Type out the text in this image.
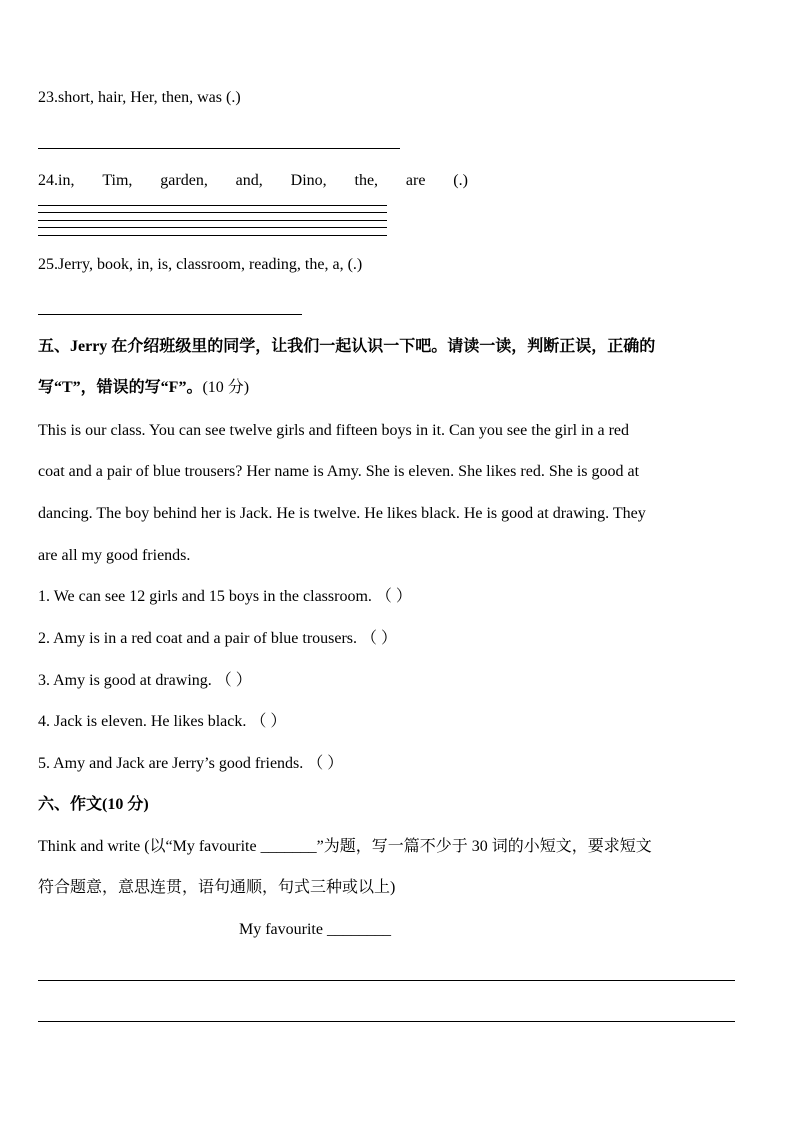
23.short, hair, Her, then, was (.)
24.in, Tim, garden, and, Dino, the, are (.)
25.Jerry, book, in, is, classroom, reading, the, a, (.)
五、Jerry 在介绍班级里的同学，让我们一起认识一下吧。请读一读，判断正误，正确的
写“T”，错误的写“F”。(10 分)
This is our class. You can see twelve girls and fifteen boys in it. Can you see the girl in a red
coat and a pair of blue trousers? Her name is Amy. She is eleven. She likes red. She is good at
dancing. The boy behind her is Jack. He is twelve. He likes black. He is good at drawing. They
are all my good friends.
1. We can see 12 girls and 15 boys in the classroom. （ ）
2. Amy is in a red coat and a pair of blue trousers. （ ）
3. Amy is good at drawing. （ ）
4. Jack is eleven. He likes black. （ ）
5. Amy and Jack are Jerry’s good friends. （ ）
六、作文(10 分)
Think and write (以“My favourite _______”为题，写一篇不少于 30 词的小短文，要求短文
符合题意，意思连贯，语句通顺，句式三种或以上)
My favourite ________
